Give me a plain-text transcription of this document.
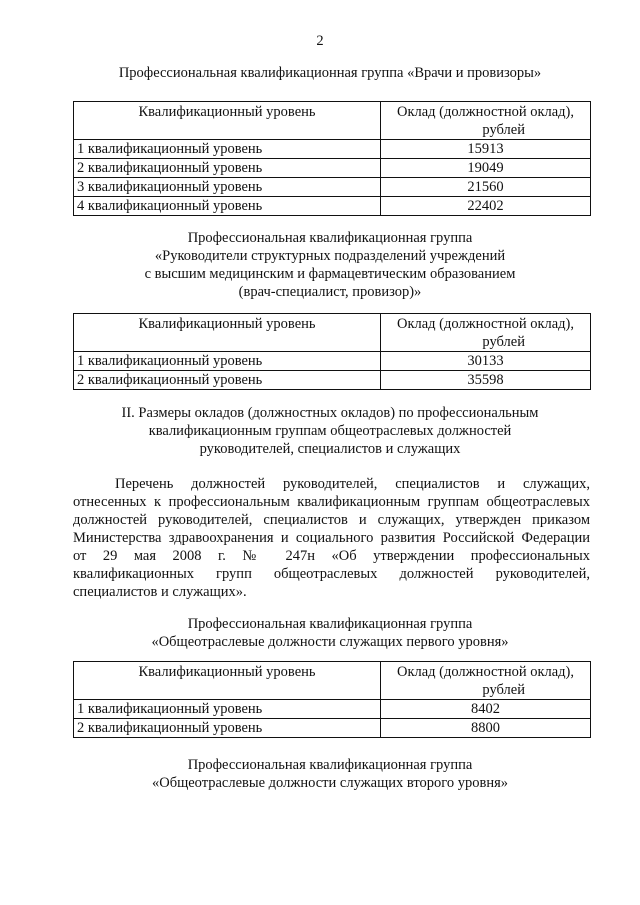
2
Профессиональная квалификационная группа «Врачи и провизоры»
Квалификационный уровень	Оклад (должностной оклад),
рублей

1 квалификационный уровень	15913
2 квалификационный уровень	19049
3 квалификационный уровень	21560
4 квалификационный уровень	22402
Профессиональная квалификационная группа
«Руководители структурных подразделений учреждений
с высшим медицинским и фармацевтическим образованием
(врач-специалист, провизор)»
Квалификационный уровень	Оклад (должностной оклад),
рублей

1 квалификационный уровень	30133
2 квалификационный уровень	35598
II. Размеры окладов (должностных окладов) по профессиональным
квалификационным группам общеотраслевых должностей
руководителей, специалистов и служащих
Перечень должностей руководителей, специалистов и служащих,
отнесенных к профессиональным квалификационным группам общеотраслевых
должностей руководителей, специалистов и служащих, утвержден приказом
Министерства здравоохранения и социального развития Российской Федерации
от 29 мая 2008 г. № 247н «Об утверждении профессиональных
квалификационных групп общеотраслевых должностей руководителей,
специалистов и служащих».
Профессиональная квалификационная группа
«Общеотраслевые должности служащих первого уровня»
Квалификационный уровень	Оклад (должностной оклад),
рублей

1 квалификационный уровень	8402
2 квалификационный уровень	8800
Профессиональная квалификационная группа
«Общеотраслевые должности служащих второго уровня»
